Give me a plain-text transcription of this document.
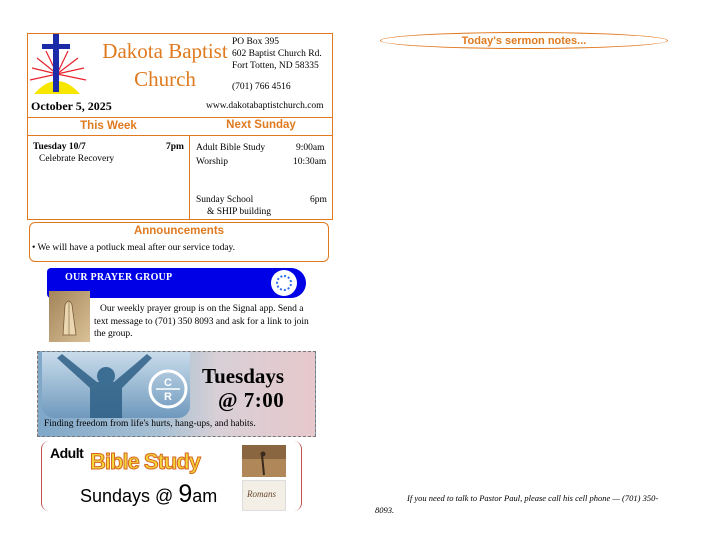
Dakota Baptist Church
PO Box 395
602 Baptist Church Rd.
Fort Totten, ND 58335
(701) 766 4516
October 5, 2025	www.dakotabaptistchurch.com
This Week	Next Sunday
Tuesday 10/7	7pm
Celebrate Recovery
Adult Bible Study	9:00am
Worship	10:30am
Sunday School	6pm
& SHIP building
Announcements
• We will have a potluck meal after our service today.
OUR PRAYER GROUP
Our weekly prayer group is on the Signal app. Send a text message to (701) 350 8093 and ask for a link to join the group.
C
R
Tuesdays
@ 7:00
Finding freedom from life's hurts, hang-ups, and habits.
Adult Bible Study
Sundays @ 9am	Romans
Today's sermon notes...
If you need to talk to Pastor Paul, please call his cell phone — (701) 350-8093.
